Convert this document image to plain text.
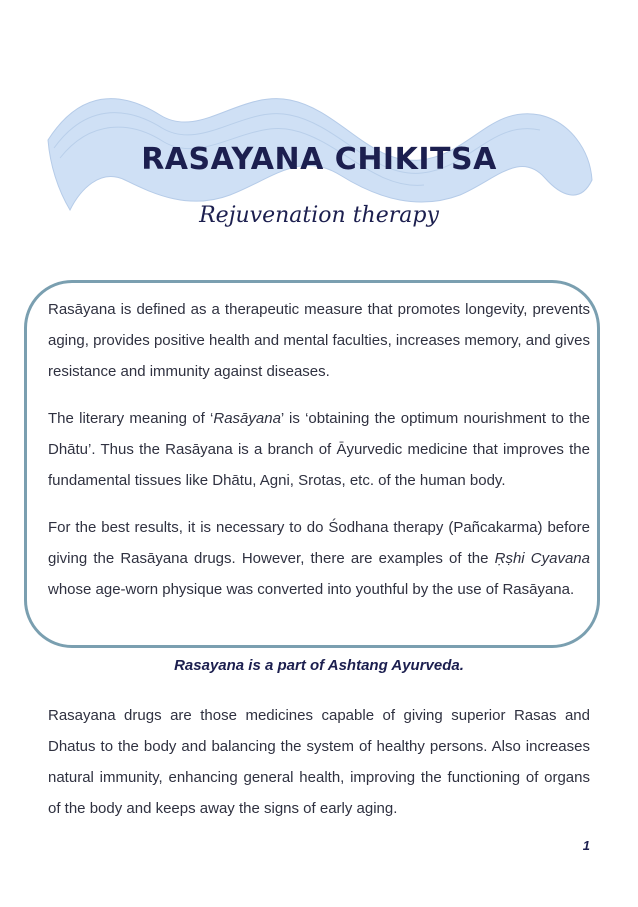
RASAYANA CHIKITSA
Rejuvenation therapy

Rasāyana is defined as a therapeutic measure that promotes longevity, prevents aging, provides positive health and mental faculties, increases memory, and gives resistance and immunity against diseases.

The literary meaning of ‘Rasāyana’ is ‘obtaining the optimum nourishment to the Dhātu’. Thus the Rasāyana is a branch of Āyurvedic medicine that improves the fundamental tissues like Dhātu, Agni, Srotas, etc. of the human body.

For the best results, it is necessary to do Śodhana therapy (Pañcakarma) before giving the Rasāyana drugs. However, there are examples of the Ṛṣhi Cyavana whose age-worn physique was converted into youthful by the use of Rasāyana.

Rasayana is a part of Ashtang Ayurveda.

Rasayana drugs are those medicines capable of giving superior Rasas and Dhatus to the body and balancing the system of healthy persons. Also increases natural immunity, enhancing general health, improving the functioning of organs of the body and keeps away the signs of early aging.

1
